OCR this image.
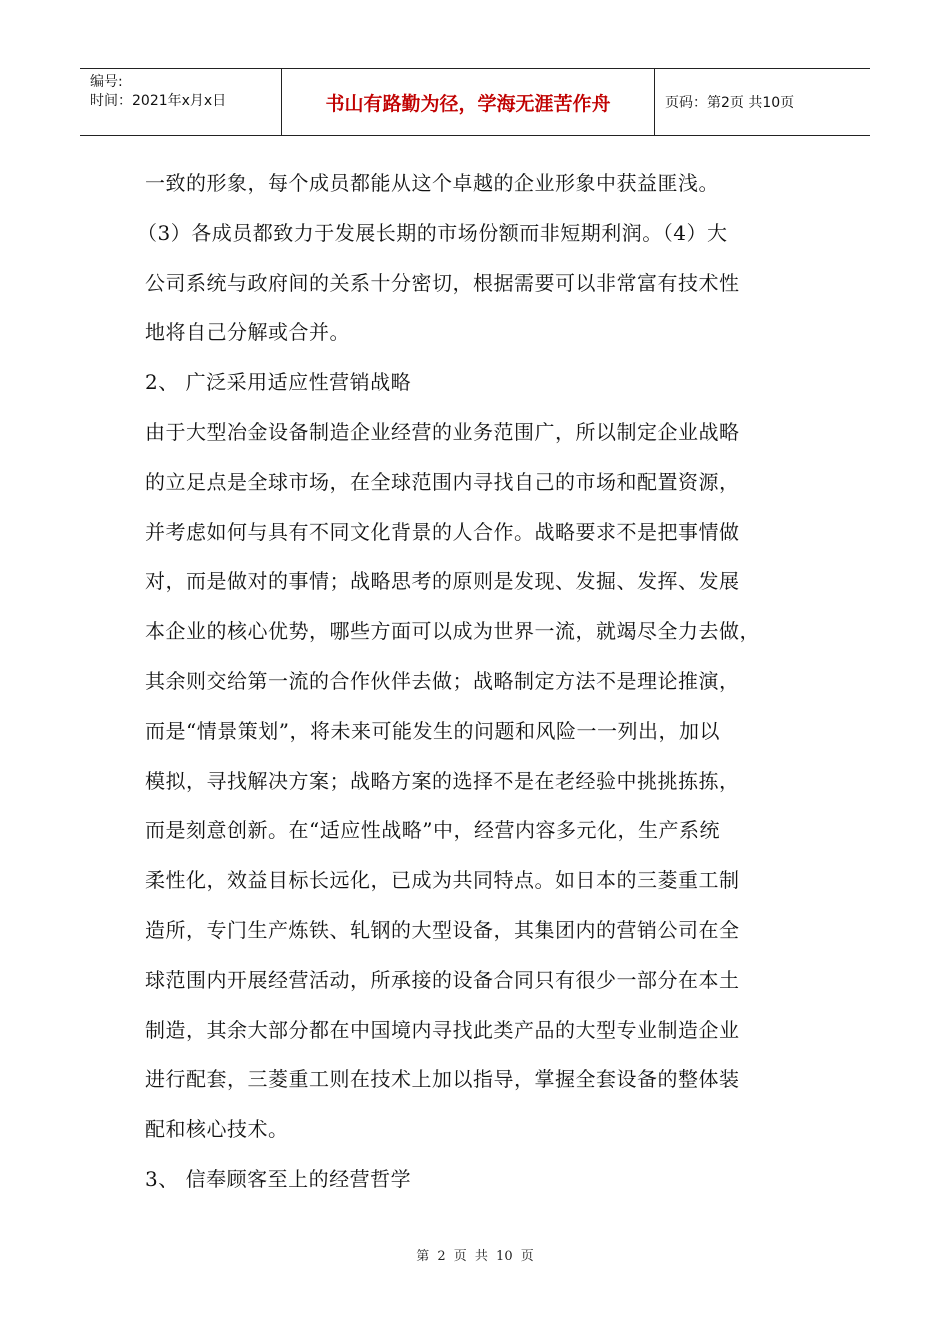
编号:
时间：2021年x月x日	书山有路勤为径，学海无涯苦作舟	页码：第2页 共10页
一致的形象，每个成员都能从这个卓越的企业形象中获益匪浅。
（3）各成员都致力于发展长期的市场份额而非短期利润。（4）大
公司系统与政府间的关系十分密切，根据需要可以非常富有技术性
地将自己分解或合并。
2、 广泛采用适应性营销战略
由于大型冶金设备制造企业经营的业务范围广，所以制定企业战略
的立足点是全球市场，在全球范围内寻找自己的市场和配置资源，
并考虑如何与具有不同文化背景的人合作。战略要求不是把事情做
对，而是做对的事情；战略思考的原则是发现、发掘、发挥、发展
本企业的核心优势，哪些方面可以成为世界一流，就竭尽全力去做，
其余则交给第一流的合作伙伴去做；战略制定方法不是理论推演，
而是“情景策划”，将未来可能发生的问题和风险一一列出，加以
模拟，寻找解决方案；战略方案的选择不是在老经验中挑挑拣拣，
而是刻意创新。在“适应性战略”中，经营内容多元化，生产系统
柔性化，效益目标长远化，已成为共同特点。如日本的三菱重工制
造所，专门生产炼铁、轧钢的大型设备，其集团内的营销公司在全
球范围内开展经营活动，所承接的设备合同只有很少一部分在本土
制造，其余大部分都在中国境内寻找此类产品的大型专业制造企业
进行配套，三菱重工则在技术上加以指导，掌握全套设备的整体装
配和核心技术。
3、 信奉顾客至上的经营哲学
第 2 页 共 10 页
